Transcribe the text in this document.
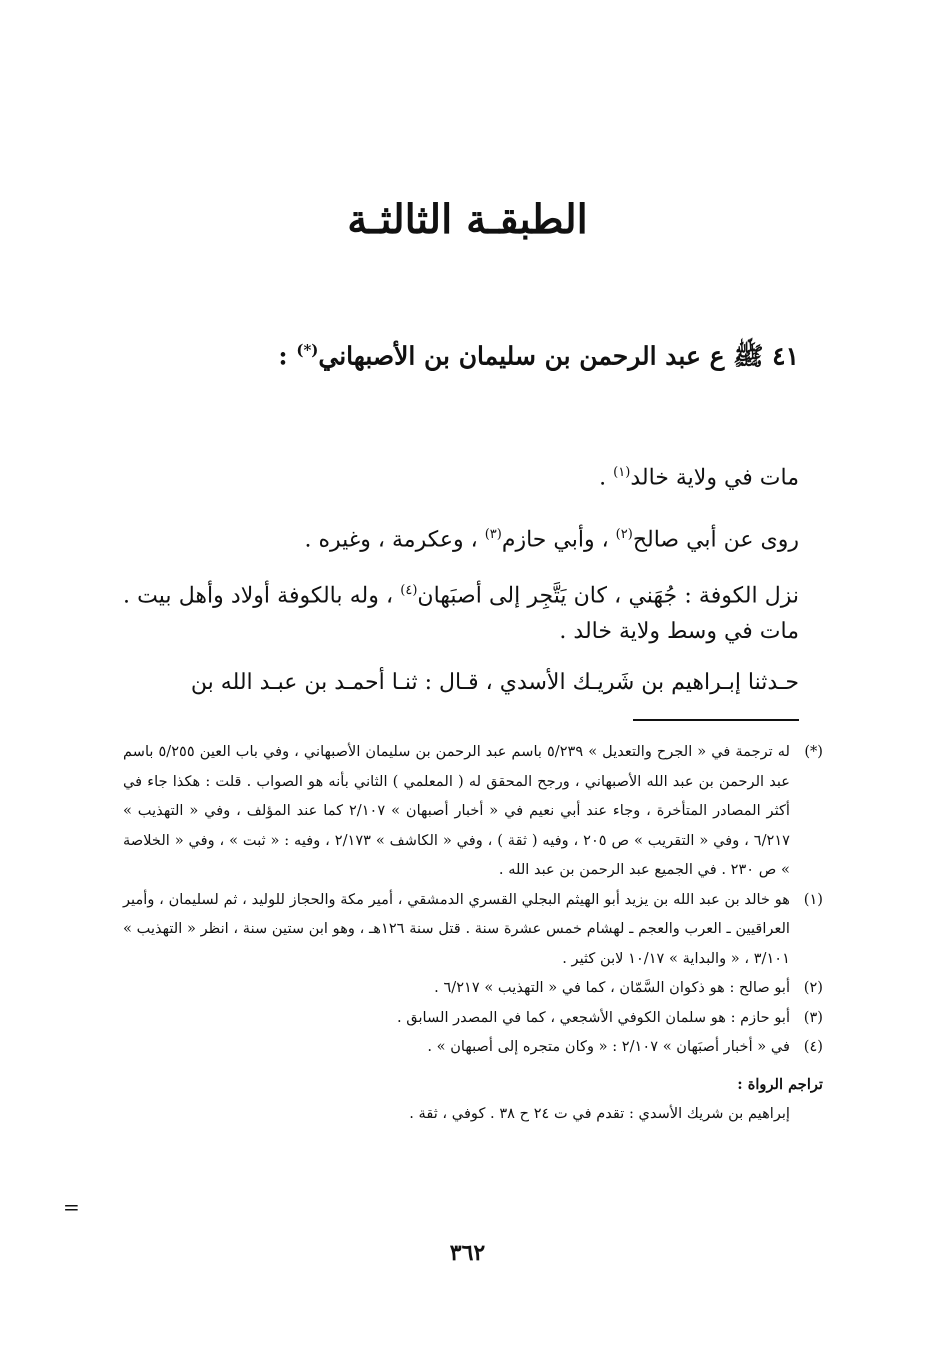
الطبقـة الثالثـة
٤١ ﷺ ع عبد الرحمن بن سليمان بن الأصبهاني(*) :

مات في ولاية خالد$^{(١)}$ .

روى عن أبي صالح$^{(٢)}$ ، وأبي حازم$^{(٣)}$ ، وعكرمة ، وغيره .

نزل الكوفة : جُهَني ، كان يَتَّجِر إلى أصبَهان$^{(٤)}$ ، وله بالكوفة أولاد وأهل بيت . مات في وسط ولاية خالد .

حـدثنا إبـراهيم بن شَريـك الأسدي ، قـال : ثنـا أحمـد بن عبـد الله بن

(*)
له ترجمة في « الجرح والتعديل » ٥/٢٣٩ باسم عبد الرحمن بن سليمان الأصبهاني ، وفي باب العين ٥/٢٥٥ باسم عبد الرحمن بن عبد الله الأصبهاني ، ورجح المحقق له ( المعلمي ) الثاني بأنه هو الصواب . قلت : هكذا جاء في أكثر المصادر المتأخرة ، وجاء عند أبي نعيم في « أخبار أصبهان » ٢/١٠٧ كما عند المؤلف ، وفي « التهذيب » ٦/٢١٧ ، وفي « التقريب » ص ٢٠٥ ، وفيه ( ثقة ) ، وفي « الكاشف » ٢/١٧٣ ، وفيه : « ثبت » ، وفي « الخلاصة » ص ٢٣٠ . في الجميع عبد الرحمن بن عبد الله .

(١)
هو خالد بن عبد الله بن يزيد أبو الهيثم البجلي القسري الدمشقي ، أمير مكة والحجاز للوليد ، ثم لسليمان ، وأمير العراقيين ـ العرب والعجم ـ لهشام خمس عشرة سنة . قتل سنة ١٢٦هـ ، وهو ابن ستين سنة ، انظر « التهذيب » ٣/١٠١ ، « والبداية » ١٠/١٧ لابن كثير .

(٢)
أبو صالح : هو ذكوان السَّمّان ، كما في « التهذيب » ٦/٢١٧ .

(٣)
أبو حازم : هو سلمان الكوفي الأشجعي ، كما في المصدر السابق .

(٤)
في « أخبار أصبَهان » ٢/١٠٧ : « وكان متجره إلى أصبهان » .

تراجم الرواة :
إبراهيم بن شريك الأسدي : تقدم في ت ٢٤ ح ٣٨ . كوفي ، ثقة .
=
٣٦٢
